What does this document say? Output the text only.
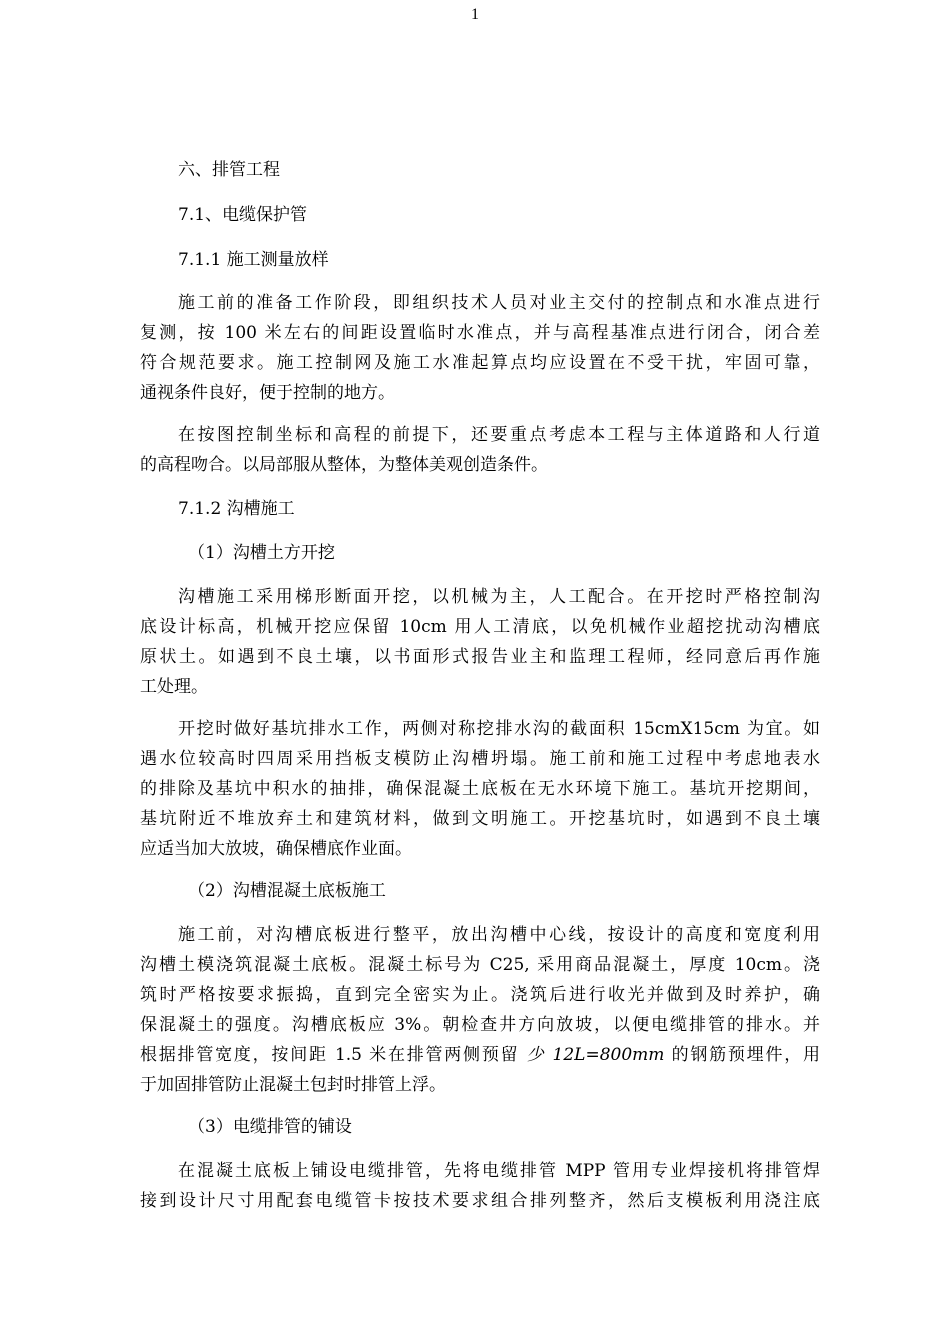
1
六、排管工程
7.1、电缆保护管
7.1.1 施工测量放样
施工前的准备工作阶段，即组织技术人员对业主交付的控制点和水准点进行
复测，按 100 米左右的间距设置临时水准点，并与高程基准点进行闭合，闭合差
符合规范要求。施工控制网及施工水准起算点均应设置在不受干扰，牢固可靠，
通视条件良好，便于控制的地方。
在按图控制坐标和高程的前提下，还要重点考虑本工程与主体道路和人行道
的高程吻合。以局部服从整体，为整体美观创造条件。
7.1.2 沟槽施工
（1）沟槽土方开挖
沟槽施工采用梯形断面开挖，以机械为主，人工配合。在开挖时严格控制沟
底设计标高，机械开挖应保留 10cm 用人工清底，以免机械作业超挖扰动沟槽底
原状土。如遇到不良土壤，以书面形式报告业主和监理工程师，经同意后再作施
工处理。
开挖时做好基坑排水工作，两侧对称挖排水沟的截面积 15cmX15cm 为宜。如
遇水位较高时四周采用挡板支模防止沟槽坍塌。施工前和施工过程中考虑地表水
的排除及基坑中积水的抽排，确保混凝土底板在无水环境下施工。基坑开挖期间，
基坑附近不堆放弃土和建筑材料，做到文明施工。开挖基坑时，如遇到不良土壤
应适当加大放坡，确保槽底作业面。
（2）沟槽混凝土底板施工
施工前，对沟槽底板进行整平，放出沟槽中心线，按设计的高度和宽度利用
沟槽土模浇筑混凝土底板。混凝土标号为 C25, 采用商品混凝土，厚度 10cm。浇
筑时严格按要求振捣，直到完全密实为止。浇筑后进行收光并做到及时养护，确
保混凝土的强度。沟槽底板应 3%。朝检查井方向放坡，以便电缆排管的排水。并
根据排管宽度，按间距 1.5 米在排管两侧预留 少 12L=800mm 的钢筋预埋件，用
于加固排管防止混凝土包封时排管上浮。
（3）电缆排管的铺设
在混凝土底板上铺设电缆排管，先将电缆排管 MPP 管用专业焊接机将排管焊
接到设计尺寸用配套电缆管卡按技术要求组合排列整齐，然后支模板利用浇注底
